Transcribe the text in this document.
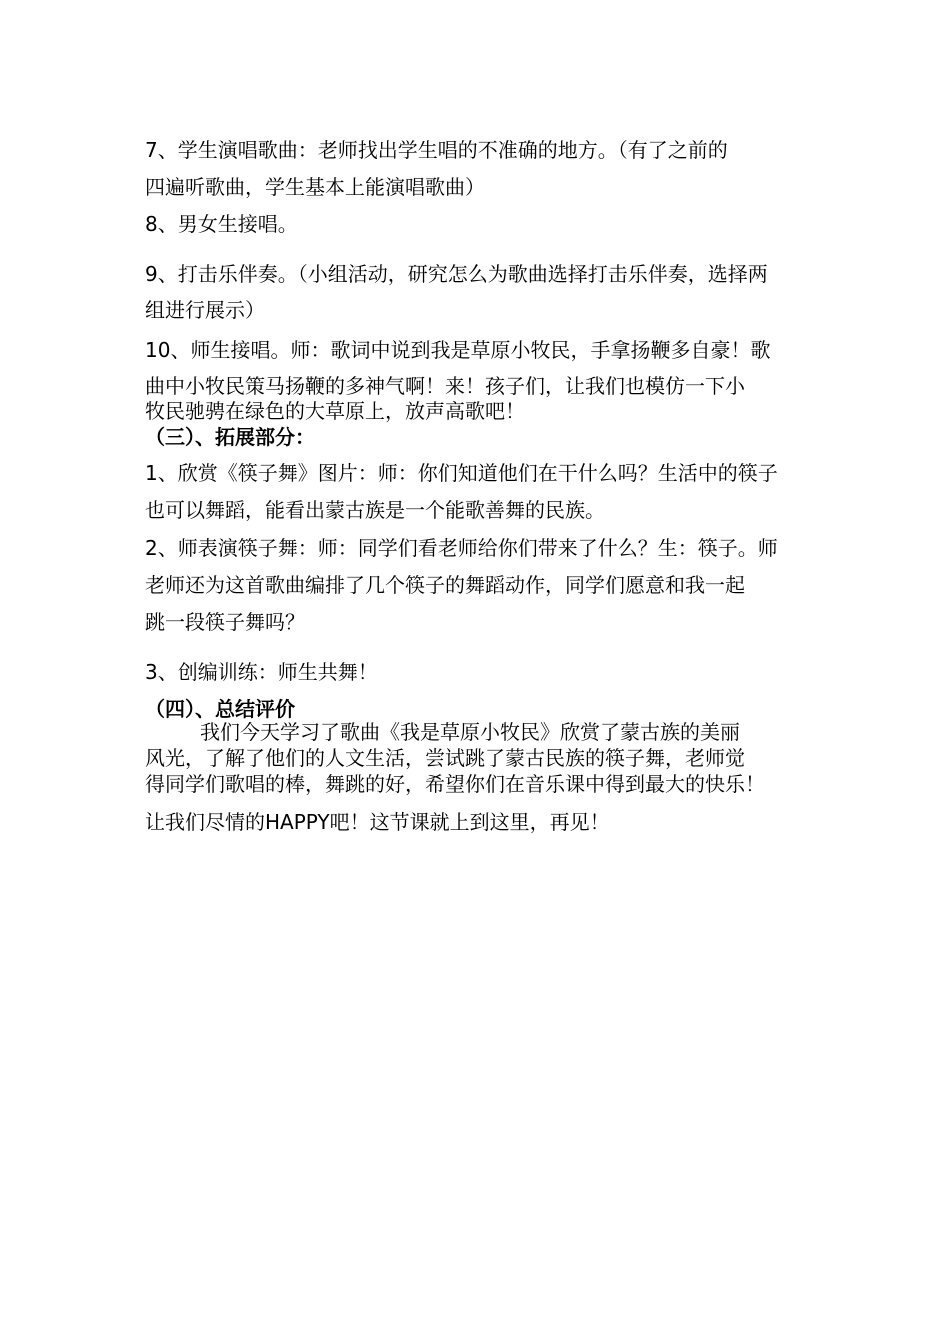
7、学生演唱歌曲：老师找出学生唱的不准确的地方。（有了之前的
四遍听歌曲，学生基本上能演唱歌曲）
8、男女生接唱。
9、打击乐伴奏。（小组活动，研究怎么为歌曲选择打击乐伴奏，选择两
组进行展示）
10、师生接唱。师：歌词中说到我是草原小牧民，手拿扬鞭多自豪！歌
曲中小牧民策马扬鞭的多神气啊！来！孩子们，让我们也模仿一下小
牧民驰骋在绿色的大草原上，放声高歌吧！
（三）、拓展部分：
1、欣赏《筷子舞》图片：师：你们知道他们在干什么吗？生活中的筷子
也可以舞蹈，能看出蒙古族是一个能歌善舞的民族。
2、师表演筷子舞：师：同学们看老师给你们带来了什么？生：筷子。师
老师还为这首歌曲编排了几个筷子的舞蹈动作，同学们愿意和我一起
跳一段筷子舞吗？
3、创编训练：师生共舞！
（四）、总结评价
我们今天学习了歌曲《我是草原小牧民》欣赏了蒙古族的美丽
风光，了解了他们的人文生活，尝试跳了蒙古民族的筷子舞，老师觉
得同学们歌唱的棒，舞跳的好，希望你们在音乐课中得到最大的快乐！
让我们尽情的HAPPY吧！这节课就上到这里，再见！
